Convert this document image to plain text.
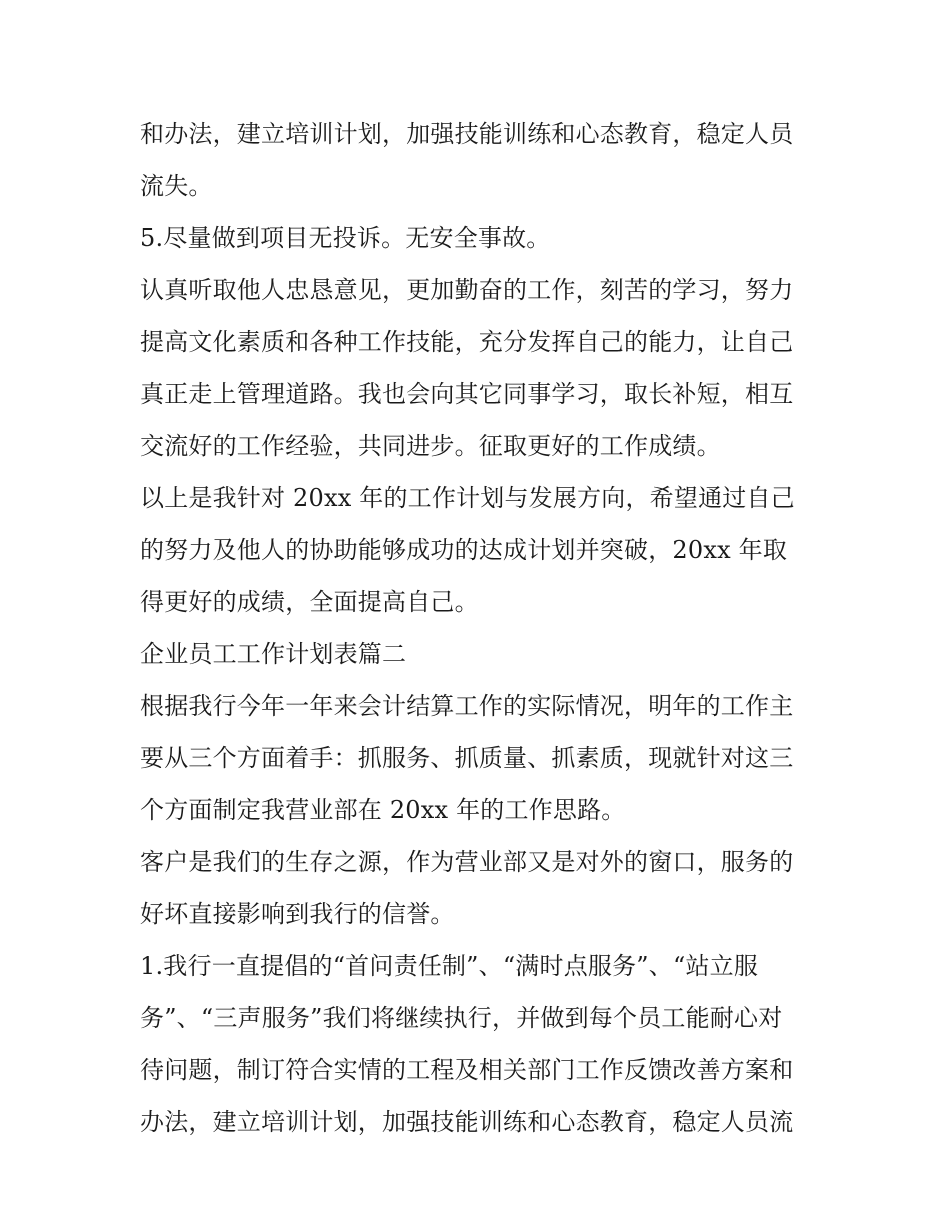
和办法，建立培训计划，加强技能训练和心态教育，稳定人员
流失。
5.尽量做到项目无投诉。无安全事故。
认真听取他人忠恳意见，更加勤奋的工作，刻苦的学习，努力
提高文化素质和各种工作技能，充分发挥自己的能力，让自己
真正走上管理道路。我也会向其它同事学习，取长补短，相互
交流好的工作经验，共同进步。征取更好的工作成绩。
以上是我针对 20xx 年的工作计划与发展方向，希望通过自己
的努力及他人的协助能够成功的达成计划并突破，20xx 年取
得更好的成绩，全面提高自己。
企业员工工作计划表篇二
根据我行今年一年来会计结算工作的实际情况，明年的工作主
要从三个方面着手：抓服务、抓质量、抓素质，现就针对这三
个方面制定我营业部在 20xx 年的工作思路。
客户是我们的生存之源，作为营业部又是对外的窗口，服务的
好坏直接影响到我行的信誉。
1.我行一直提倡的“首问责任制”、“满时点服务”、“站立服
务”、“三声服务”我们将继续执行，并做到每个员工能耐心对
待问题，制订符合实情的工程及相关部门工作反馈改善方案和
办法，建立培训计划，加强技能训练和心态教育，稳定人员流
